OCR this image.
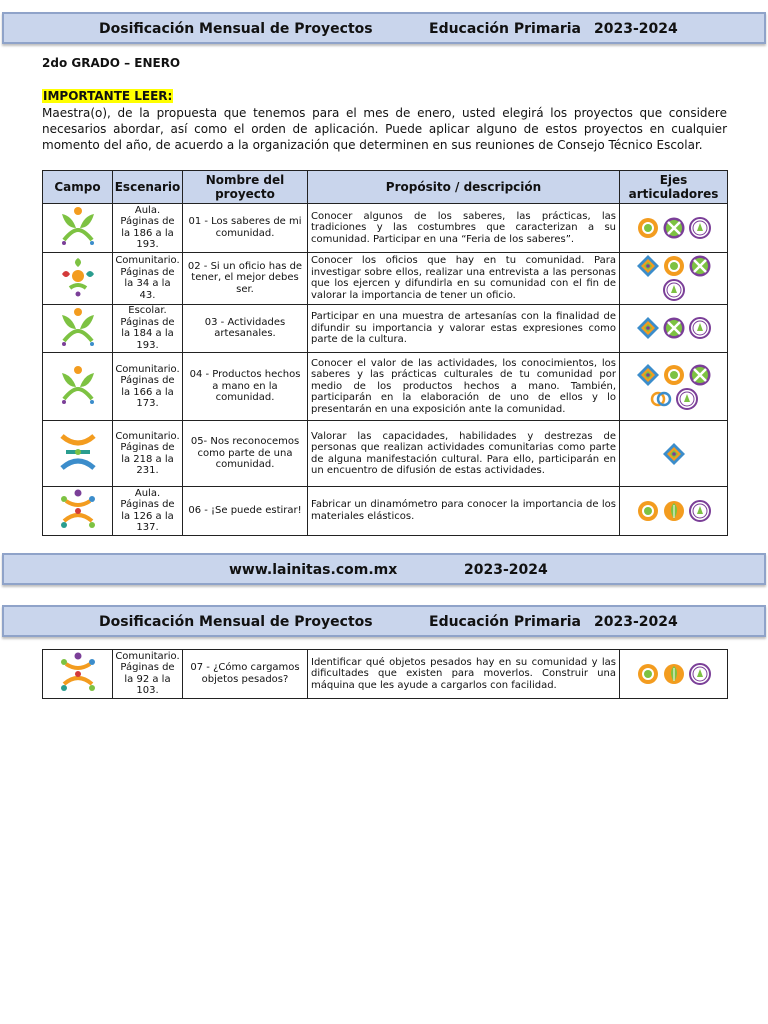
Dosificación Mensual de Proyectos	Educación Primaria 2023-2024
2do GRADO – ENERO
IMPORTANTE LEER:
Maestra(o), de la propuesta que tenemos para el mes de enero, usted elegirá los proyectos que considere necesarios abordar, así como el orden de aplicación. Puede aplicar alguno de estos proyectos en cualquier momento del año, de acuerdo a la organización que determinen en sus reuniones de Consejo Técnico Escolar.
Campo	Escenario	Nombre del proyecto	Propósito / descripción	Ejes articuladores
	Aula. Páginas de la 186 a la 193.	01 - Los saberes de mi comunidad.	Conocer algunos de los saberes, las prácticas, las tradiciones y las costumbres que caracterizan a su comunidad. Participar en una “Feria de los saberes”.	
	Comunitario. Páginas de la 34 a la 43.	02 - Si un oficio has de tener, el mejor debes ser.	Conocer los oficios que hay en tu comunidad. Para investigar sobre ellos, realizar una entrevista a las personas que los ejercen y difundirla en su comunidad con el fin de valorar la importancia de tener un oficio.	
	Escolar. Páginas de la 184 a la 193.	03 - Actividades artesanales.	Participar en una muestra de artesanías con la finalidad de difundir su importancia y valorar estas expresiones como parte de la cultura.	
	Comunitario. Páginas de la 166 a la 173.	04 - Productos hechos a mano en la comunidad.	Conocer el valor de las actividades, los conocimientos, los saberes y las prácticas culturales de tu comunidad por medio de los productos hechos a mano. También, participarán en la elaboración de uno de ellos y lo presentarán en una exposición ante la comunidad.	
	Comunitario. Páginas de la 218 a la 231.	05- Nos reconocemos como parte de una comunidad.	Valorar las capacidades, habilidades y destrezas de personas que realizan actividades comunitarias como parte de alguna manifestación cultural. Para ello, participarán en un encuentro de difusión de estas actividades.	
	Aula. Páginas de la 126 a la 137.	06 - ¡Se puede estirar!	Fabricar un dinamómetro para conocer la importancia de los materiales elásticos.	
www.lainitas.com.mx	2023-2024
Dosificación Mensual de Proyectos	Educación Primaria 2023-2024
	Comunitario. Páginas de la 92 a la 103.	07 - ¿Cómo cargamos objetos pesados?	Identificar qué objetos pesados hay en su comunidad y las dificultades que existen para moverlos. Construir una máquina que les ayude a cargarlos con facilidad.	
